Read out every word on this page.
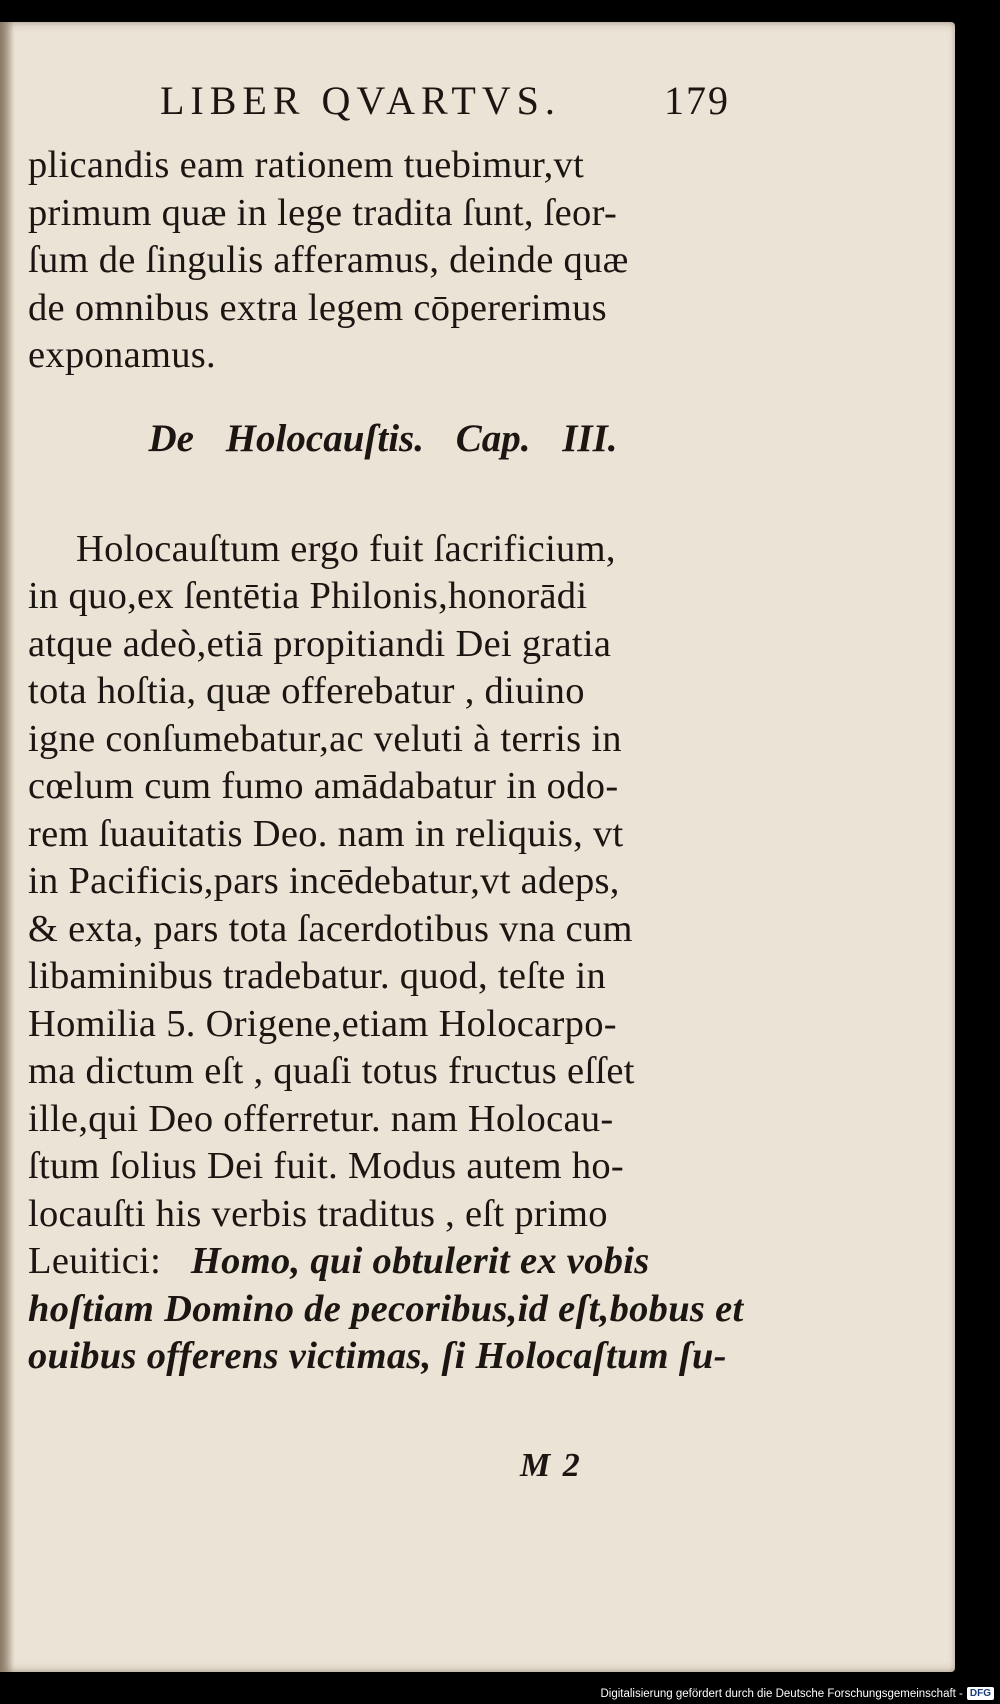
LIBER QVARTVS.	179
plicandis eam rationem tuebimur,vt
primum quæ in lege tradita ſunt, ſeor-
ſum de ſingulis afferamus, deinde quæ
de omnibus extra legem cōpererimus
exponamus.
De Holocauſtis. Cap. III.
Holocauſtum ergo fuit ſacrificium,
in quo,ex ſentētia Philonis,honorādi
atque adeò,etiā propitiandi Dei gratia
tota hoſtia, quæ offerebatur , diuino
igne conſumebatur,ac veluti à terris in
cœlum cum fumo amādabatur in odo-
rem ſuauitatis Deo. nam in reliquis, vt
in Pacificis,pars incēdebatur,vt adeps,
& exta, pars tota ſacerdotibus vna cum
libaminibus tradebatur. quod, teſte in
Homilia 5. Origene,etiam Holocarpo-
ma dictum eſt , quaſi totus fructus eſſet
ille,qui Deo offerretur. nam Holocau-
ſtum ſolius Dei fuit. Modus autem ho-
locauſti his verbis traditus , eſt primo
Leuitici: Homo, qui obtulerit ex vobis
hoſtiam Domino de pecoribus,id eſt,bobus et
ouibus offerens victimas, ſi Holocaſtum ſu-
M 2
Digitalisierung gefördert durch die Deutsche Forschungsgemeinschaft - DFG
